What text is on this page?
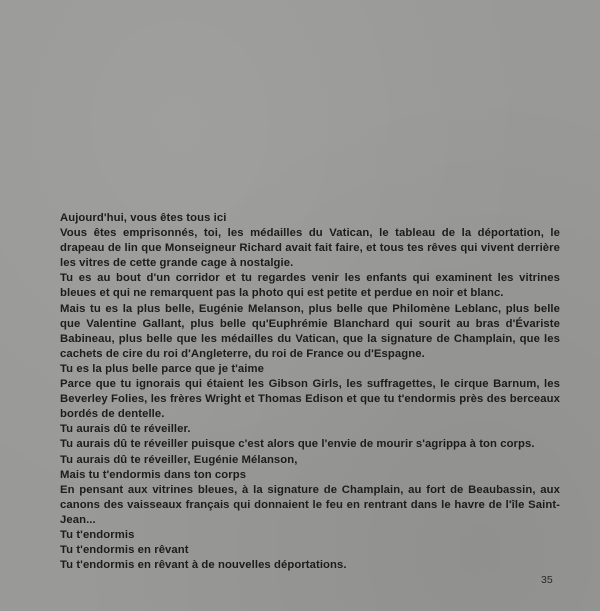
Aujourd'hui, vous êtes tous ici
Vous êtes emprisonnés, toi, les médailles du Vatican, le tableau de la déportation, le drapeau de lin que Monseigneur Richard avait fait faire, et tous tes rêves qui vivent derrière les vitres de cette grande cage à nostalgie.
Tu es au bout d'un corridor et tu regardes venir les enfants qui examinent les vitrines bleues et qui ne remarquent pas la photo qui est petite et perdue en noir et blanc.
Mais tu es la plus belle, Eugénie Melanson, plus belle que Philomène Leblanc, plus belle que Valentine Gallant, plus belle qu'Euphrémie Blanchard qui sourit au bras d'Évariste Babineau, plus belle que les médailles du Vatican, que la signature de Champlain, que les cachets de cire du roi d'Angleterre, du roi de France ou d'Espagne.
Tu es la plus belle parce que je t'aime
Parce que tu ignorais qui étaient les Gibson Girls, les suffragettes, le cirque Barnum, les Beverley Folies, les frères Wright et Thomas Edison et que tu t'endormis près des berceaux bordés de dentelle.
Tu aurais dû te réveiller.
Tu aurais dû te réveiller puisque c'est alors que l'envie de mourir s'agrippa à ton corps.
Tu aurais dû te réveiller, Eugénie Mélanson,
Mais tu t'endormis dans ton corps
En pensant aux vitrines bleues, à la signature de Champlain, au fort de Beaubassin, aux canons des vaisseaux français qui donnaient le feu en rentrant dans le havre de l'île Saint-Jean...
Tu t'endormis
Tu t'endormis en rêvant
Tu t'endormis en rêvant à de nouvelles déportations.
35
